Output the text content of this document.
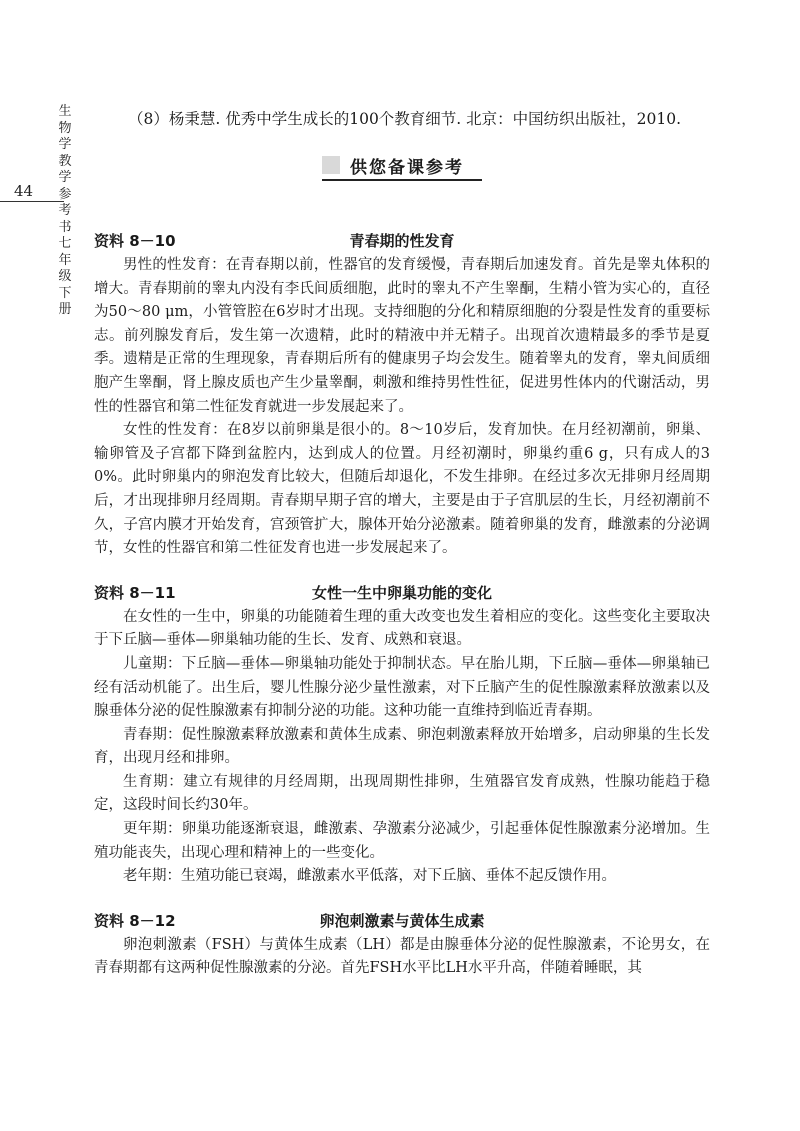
生物学教学参考书七年级下册
44
（8）杨秉慧. 优秀中学生成长的100个教育细节. 北京：中国纺织出版社，2010.
供您备课参考
资料 8－10	青春期的性发育

男性的性发育：在青春期以前，性器官的发育缓慢，青春期后加速发育。首先是睾丸体积的增大。青春期前的睾丸内没有李氏间质细胞，此时的睾丸不产生睾酮，生精小管为实心的，直径为50～80 μm，小管管腔在6岁时才出现。支持细胞的分化和精原细胞的分裂是性发育的重要标志。前列腺发育后，发生第一次遗精，此时的精液中并无精子。出现首次遗精最多的季节是夏季。遗精是正常的生理现象，青春期后所有的健康男子均会发生。随着睾丸的发育，睾丸间质细胞产生睾酮，肾上腺皮质也产生少量睾酮，刺激和维持男性性征，促进男性体内的代谢活动，男性的性器官和第二性征发育就进一步发展起来了。

女性的性发育：在8岁以前卵巢是很小的。8～10岁后，发育加快。在月经初潮前，卵巢、输卵管及子宫都下降到盆腔内，达到成人的位置。月经初潮时，卵巢约重6 g，只有成人的30%。此时卵巢内的卵泡发育比较大，但随后却退化，不发生排卵。在经过多次无排卵月经周期后，才出现排卵月经周期。青春期早期子宫的增大，主要是由于子宫肌层的生长，月经初潮前不久，子宫内膜才开始发育，宫颈管扩大，腺体开始分泌激素。随着卵巢的发育，雌激素的分泌调节，女性的性器官和第二性征发育也进一步发展起来了。

资料 8－11	女性一生中卵巢功能的变化

在女性的一生中，卵巢的功能随着生理的重大改变也发生着相应的变化。这些变化主要取决于下丘脑—垂体—卵巢轴功能的生长、发育、成熟和衰退。

儿童期：下丘脑—垂体—卵巢轴功能处于抑制状态。早在胎儿期，下丘脑—垂体—卵巢轴已经有活动机能了。出生后，婴儿性腺分泌少量性激素，对下丘脑产生的促性腺激素释放激素以及腺垂体分泌的促性腺激素有抑制分泌的功能。这种功能一直维持到临近青春期。

青春期：促性腺激素释放激素和黄体生成素、卵泡刺激素释放开始增多，启动卵巢的生长发育，出现月经和排卵。

生育期：建立有规律的月经周期，出现周期性排卵，生殖器官发育成熟，性腺功能趋于稳定，这段时间长约30年。

更年期：卵巢功能逐渐衰退，雌激素、孕激素分泌减少，引起垂体促性腺激素分泌增加。生殖功能丧失，出现心理和精神上的一些变化。

老年期：生殖功能已衰竭，雌激素水平低落，对下丘脑、垂体不起反馈作用。

资料 8－12	卵泡刺激素与黄体生成素

卵泡刺激素（FSH）与黄体生成素（LH）都是由腺垂体分泌的促性腺激素，不论男女，在青春期都有这两种促性腺激素的分泌。首先FSH水平比LH水平升高，伴随着睡眠，其
